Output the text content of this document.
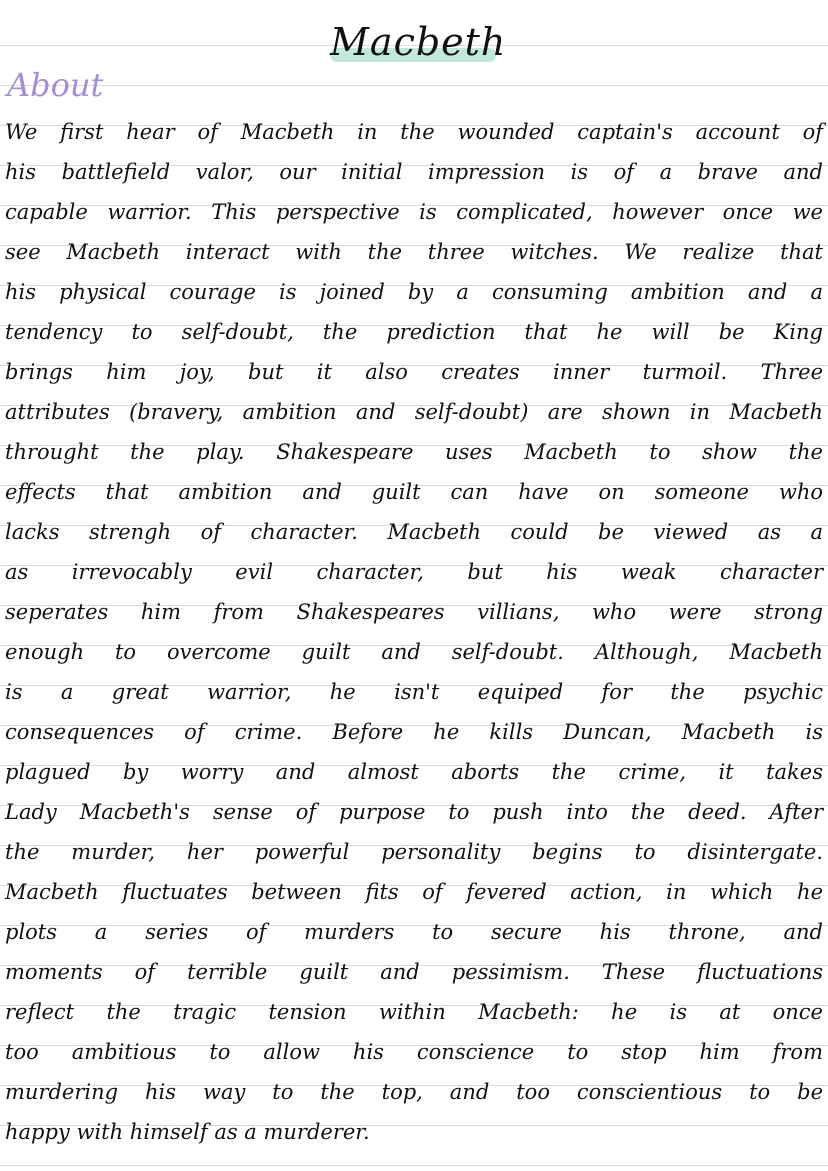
Macbeth
About
We first hear of Macbeth in the wounded captain's account of
his battlefield valor, our initial impression is of a brave and
capable warrior. This perspective is complicated, however once we
see Macbeth interact with the three witches. We realize that
his physical courage is joined by a consuming ambition and a
tendency to self-doubt, the prediction that he will be King
brings him joy, but it also creates inner turmoil. Three
attributes (bravery, ambition and self-doubt) are shown in Macbeth
throught the play. Shakespeare uses Macbeth to show the
effects that ambition and guilt can have on someone who
lacks strengh of character. Macbeth could be viewed as a
as irrevocably evil character, but his weak character
seperates him from Shakespeares villians, who were strong
enough to overcome guilt and self-doubt. Although, Macbeth
is a great warrior, he isn't equiped for the psychic
consequences of crime. Before he kills Duncan, Macbeth is
plagued by worry and almost aborts the crime, it takes
Lady Macbeth's sense of purpose to push into the deed. After
the murder, her powerful personality begins to disintergate.
Macbeth fluctuates between fits of fevered action, in which he
plots a series of murders to secure his throne, and
moments of terrible guilt and pessimism. These fluctuations
reflect the tragic tension within Macbeth: he is at once
too ambitious to allow his conscience to stop him from
murdering his way to the top, and too conscientious to be
happy with himself as a murderer.
